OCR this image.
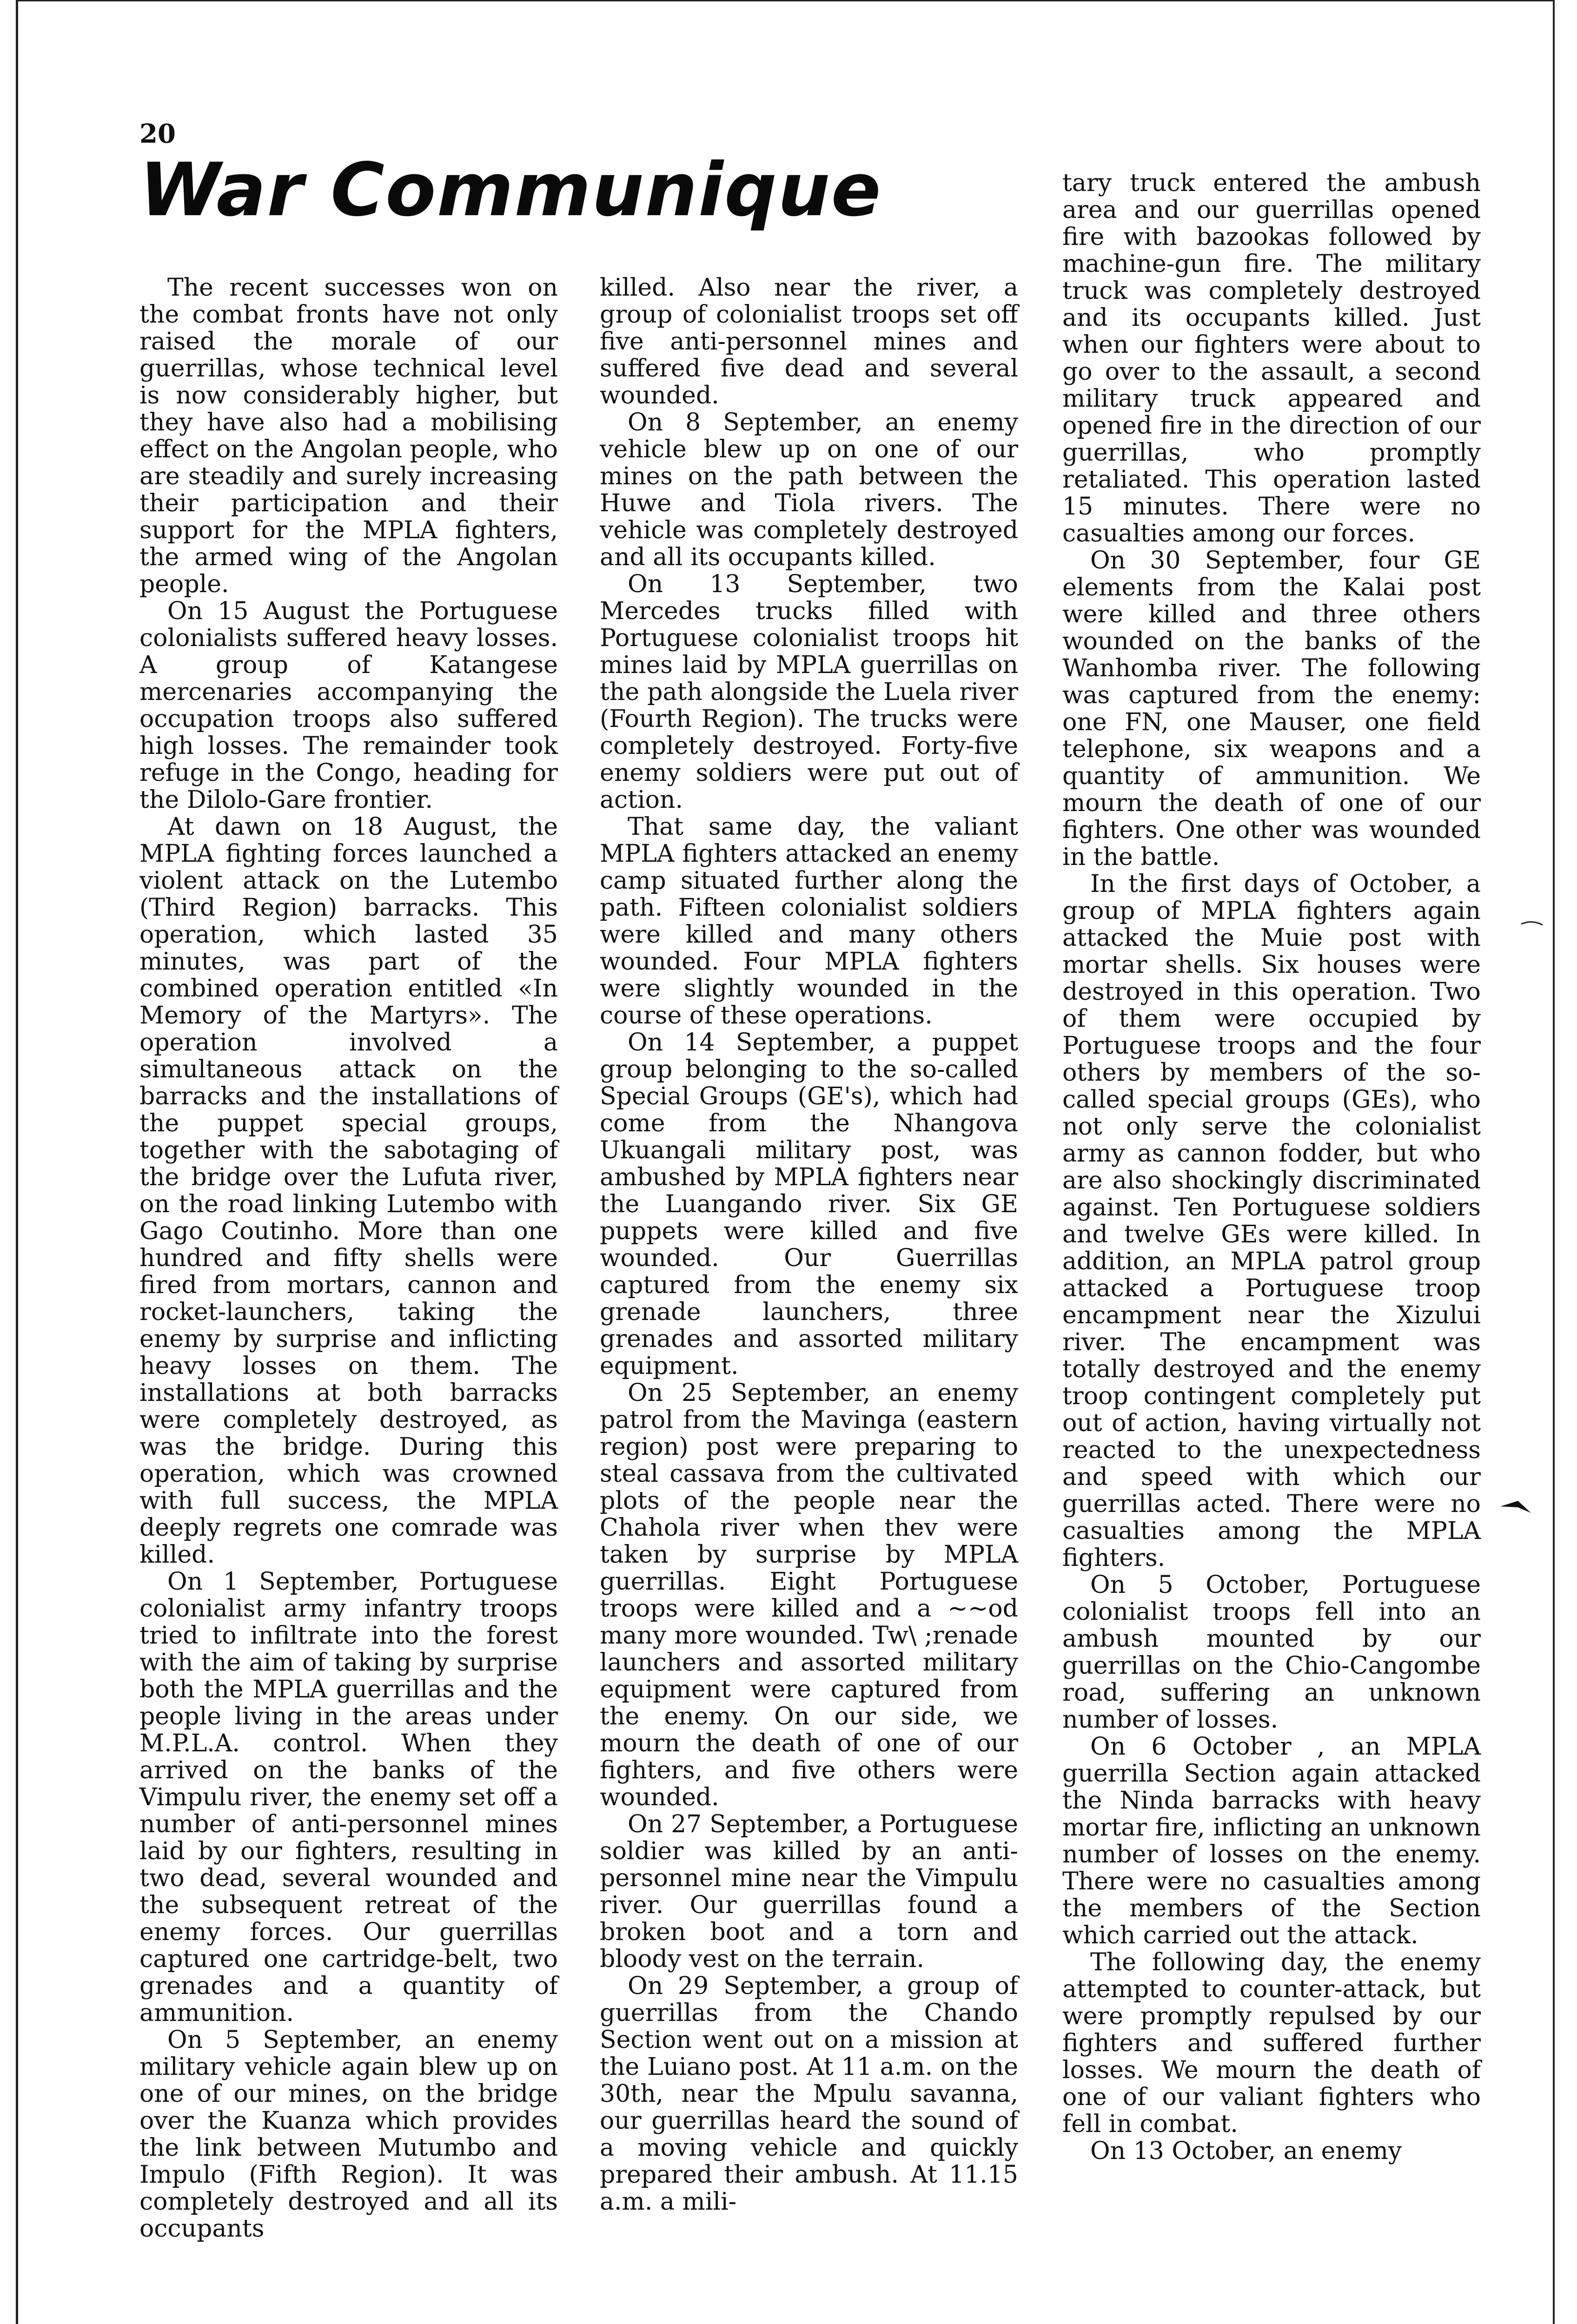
20
War Communique

The recent successes won on the combat fronts have not only raised the morale of our guerrillas, whose technical level is now considerably higher, but they have also had a mobilising effect on the Angolan people, who are steadily and surely increasing their participation and their support for the MPLA fighters, the armed wing of the Angolan people.

On 15 August the Portuguese colonialists suffered heavy losses. A group of Katangese mercenaries accompanying the occupation troops also suffered high losses. The remainder took refuge in the Congo, heading for the Dilolo-Gare frontier.

At dawn on 18 August, the MPLA fighting forces launched a violent attack on the Lutembo (Third Region) barracks. This operation, which lasted 35 minutes, was part of the combined operation entitled «In Memory of the Martyrs». The operation involved a simultaneous attack on the barracks and the installations of the puppet special groups, together with the sabotaging of the bridge over the Lufuta river, on the road linking Lutembo with Gago Coutinho. More than one hundred and fifty shells were fired from mortars, cannon and rocket-launchers, taking the enemy by surprise and inflicting heavy losses on them. The installations at both barracks were completely destroyed, as was the bridge. During this operation, which was crowned with full success, the MPLA deeply regrets one comrade was killed.

On 1 September, Portuguese colonialist army infantry troops tried to infiltrate into the forest with the aim of taking by surprise both the MPLA guerrillas and the people living in the areas under M.P.L.A. control. When they arrived on the banks of the Vimpulu river, the enemy set off a number of anti-personnel mines laid by our fighters, resulting in two dead, several wounded and the subsequent retreat of the enemy forces. Our guerrillas captured one cartridge-belt, two grenades and a quantity of ammunition.

On 5 September, an enemy military vehicle again blew up on one of our mines, on the bridge over the Kuanza which provides the link between Mutumbo and Impulo (Fifth Region). It was completely destroyed and all its occupants

killed. Also near the river, a group of colonialist troops set off five anti-personnel mines and suffered five dead and several wounded.

On 8 September, an enemy vehicle blew up on one of our mines on the path between the Huwe and Tiola rivers. The vehicle was completely destroyed and all its occupants killed.

On 13 September, two Mercedes trucks filled with Portuguese colonialist troops hit mines laid by MPLA guerrillas on the path alongside the Luela river (Fourth Region). The trucks were completely destroyed. Forty-five enemy soldiers were put out of action.

That same day, the valiant MPLA fighters attacked an enemy camp situated further along the path. Fifteen colonialist soldiers were killed and many others wounded. Four MPLA fighters were slightly wounded in the course of these operations.

On 14 September, a puppet group belonging to the so-called Special Groups (GE's), which had come from the Nhangova Ukuangali military post, was ambushed by MPLA fighters near the Luangando river. Six GE puppets were killed and five wounded. Our Guerrillas captured from the enemy six grenade launchers, three grenades and assorted military equipment.

On 25 September, an enemy patrol from the Mavinga (eastern region) post were preparing to steal cassava from the cultivated plots of the people near the Chahola river when thev were taken by surprise by MPLA guerrillas. Eight Portuguese troops were killed and a ~~od many more wounded. Tw\ ;renade launchers and assorted military equipment were captured from the enemy. On our side, we mourn the death of one of our fighters, and five others were wounded.

On 27 September, a Portuguese soldier was killed by an anti-personnel mine near the Vimpulu river. Our guerrillas found a broken boot and a torn and bloody vest on the terrain.

On 29 September, a group of guerrillas from the Chando Section went out on a mission at the Luiano post. At 11 a.m. on the 30th, near the Mpulu savanna, our guerrillas heard the sound of a moving vehicle and quickly prepared their ambush. At 11.15 a.m. a mili-

tary truck entered the ambush area and our guerrillas opened fire with bazookas followed by machine-gun fire. The military truck was completely destroyed and its occupants killed. Just when our fighters were about to go over to the assault, a second military truck appeared and opened fire in the direction of our guerrillas, who promptly retaliated. This operation lasted 15 minutes. There were no casualties among our forces.

On 30 September, four GE elements from the Kalai post were killed and three others wounded on the banks of the Wanhomba river. The following was captured from the enemy: one FN, one Mauser, one field telephone, six weapons and a quantity of ammunition. We mourn the death of one of our fighters. One other was wounded in the battle.

In the first days of October, a group of MPLA fighters again attacked the Muie post with mortar shells. Six houses were destroyed in this operation. Two of them were occupied by Portuguese troops and the four others by members of the so-called special groups (GEs), who not only serve the colonialist army as cannon fodder, but who are also shockingly discriminated against. Ten Portuguese soldiers and twelve GEs were killed. In addition, an MPLA patrol group attacked a Portuguese troop encampment near the Xizului river. The encampment was totally destroyed and the enemy troop contingent completely put out of action, having virtually not reacted to the unexpectedness and speed with which our guerrillas acted. There were no casualties among the MPLA fighters.

On 5 October, Portuguese colonialist troops fell into an ambush mounted by our guerrillas on the Chio-Cangombe road, suffering an unknown number of losses.

On 6 October , an MPLA guerrilla Section again attacked the Ninda barracks with heavy mortar fire, inflicting an unknown number of losses on the enemy. There were no casualties among the members of the Section which carried out the attack.

The following day, the enemy attempted to counter-attack, but were promptly repulsed by our fighters and suffered further losses. We mourn the death of one of our valiant fighters who fell in combat.

On 13 October, an enemy
